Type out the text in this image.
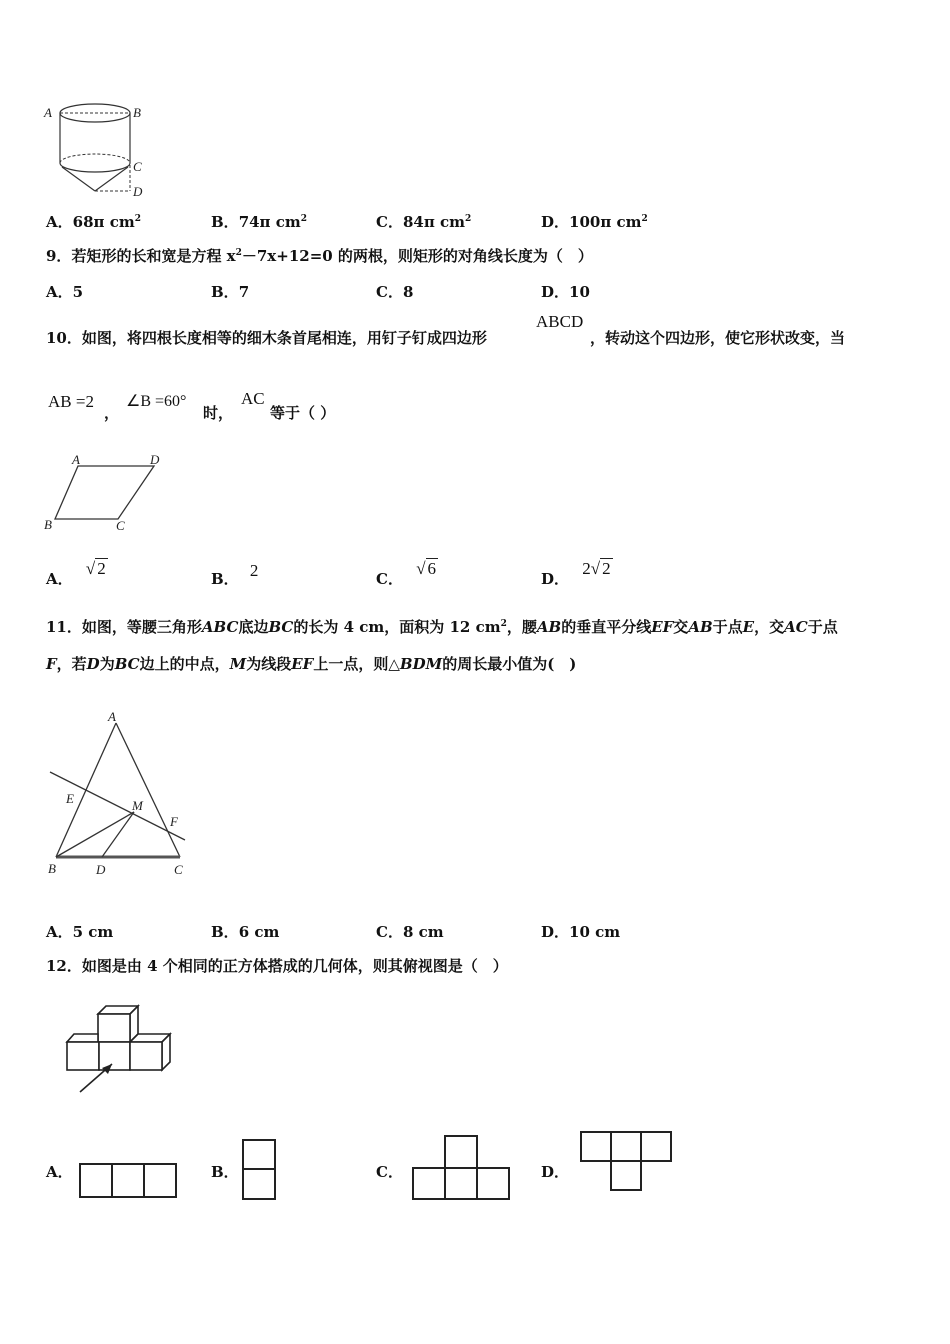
A	B
C
D
A．68π $cm^2$	B．74π $cm^2$	C．84π $cm^2$	D．100π $cm^2$
9．若矩形的长和宽是方程 $x^2-7x+12=0$ 的两根，则矩形的对角线长度为（　）
A．5	B．7	C．8	D．10
10．如图，将四根长度相等的细木条首尾相连，用钉子钉成四边形
ABCD
，转动这个四边形，使它形状改变，当
AB =2
，
∠B =60°
时，
AC
等于（ ）
A	D
B	C
A． √ 2
B． 2	C． √ 6
D． 2√ 2
11．如图，等腰三角形ABC底边BC的长为 4 cm，面积为 12 $cm^2$，腰AB的垂直平分线EF交AB于点E，交AC于点
F，若D为BC边上的中点，M为线段EF上一点，则△BDM的周长最小值为(　)
A
E	M
F
B	D	C
A．5 cm	B．6 cm	C．8 cm	D．10 cm
12．如图是由 4 个相同的正方体搭成的几何体，则其俯视图是（　）
A．	B．	C．	D．
